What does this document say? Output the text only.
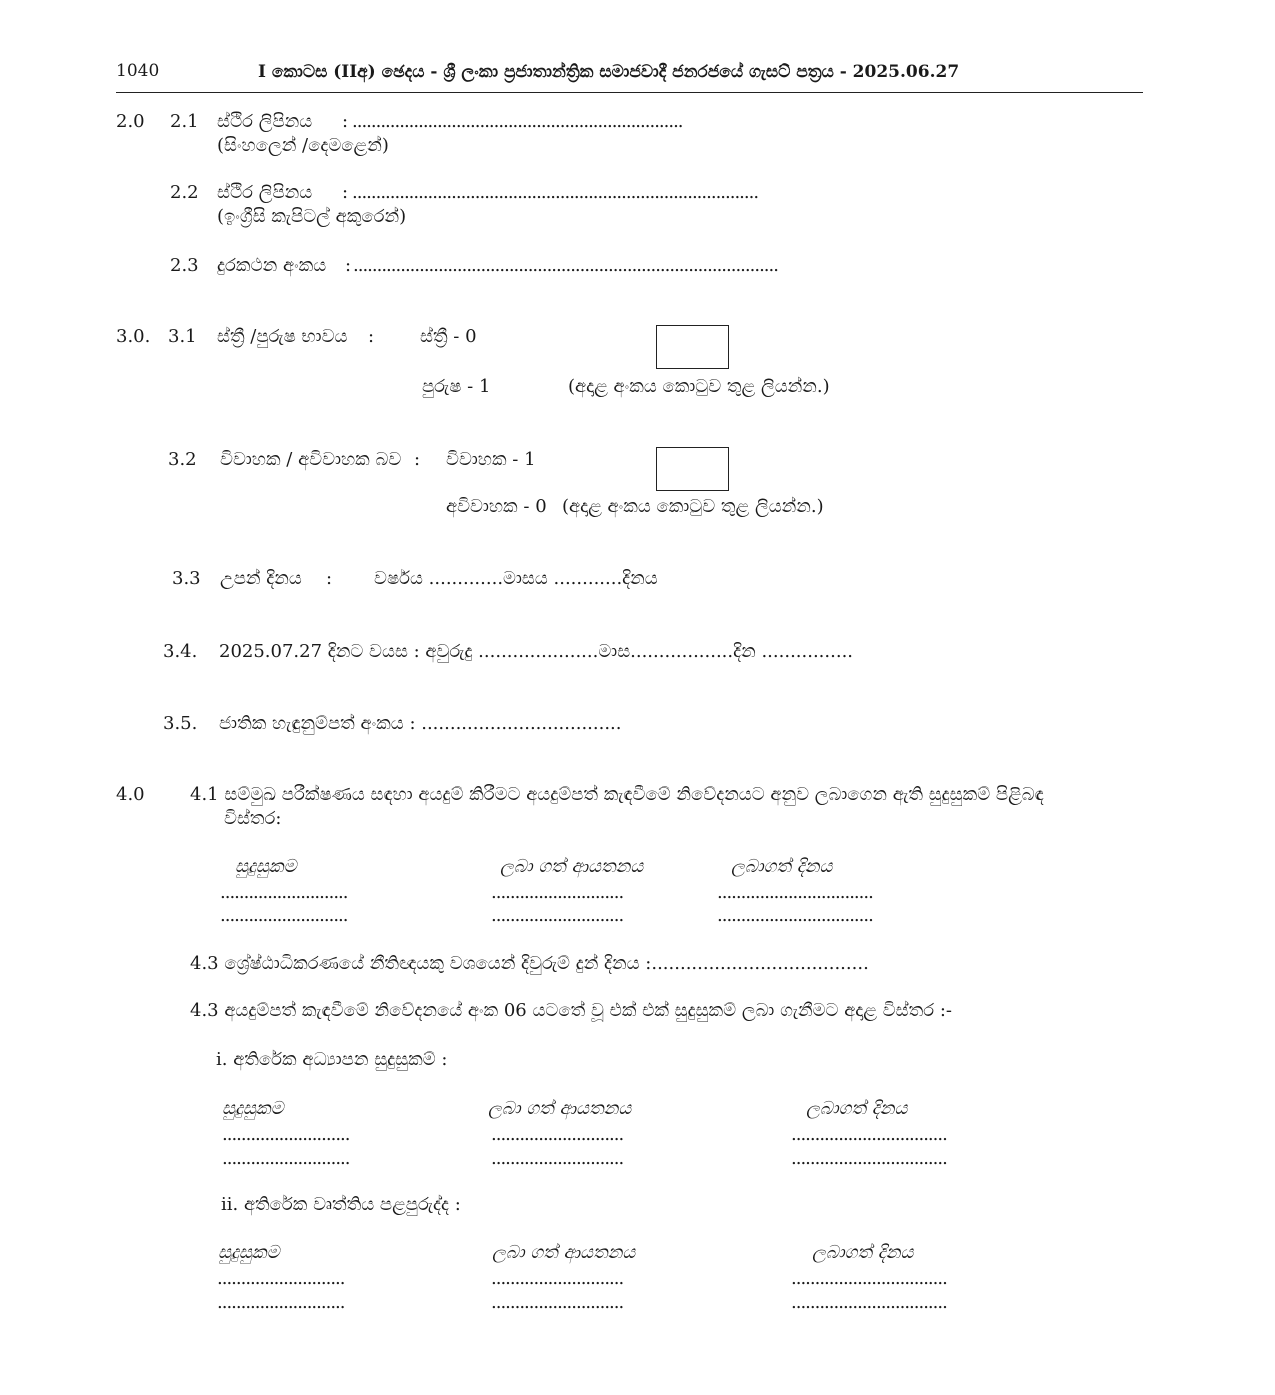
1040	I කොටස (IIඅ) ඡෙදය - ශ්‍රී ලංකා ප්‍රජාතාන්ත්‍රික සමාජවාදී ජනරජයේ ගැසට් පත්‍රය - 2025.06.27
2.0 2.1 ස්ථිර ලිපිනය : ......................................................................
(සිංහලෙන් /දෙමළෙන්)
2.2 ස්ථිර ලිපිනය : ......................................................................................
(ඉංග්‍රීසි කැපිටල් අකුරෙන්)
2.3 දුරකථන අංකය : ..........................................................................................
3.0. 3.1 ස්ත්‍රී /පුරුෂ භාවය :	ස්ත්‍රී - 0
පුරුෂ - 1	(අදාළ අංකය කොටුව තුළ ලියන්න.)
3.2 විවාහක / අවිවාහක බව : විවාහක - 1
අවිවාහක - 0 (අදාළ අංකය කොටුව තුළ ලියන්න.)
3.3 උපන් දිනය : වර්ෂය .............මාසය ............දිනය
3.4. 2025.07.27 දිනට වයස : අවුරුදු .....................මාස..................දින ................
3.5. ජාතික හැඳුනුම්පත් අංකය : ...................................
4.0	4.1 සම්මුඛ පරීක්ෂණය සඳහා අයදුම් කිරීමට අයදුම්පත් කැඳවීමේ නිවේදනයට අනුව ලබාගෙන ඇති සුදුසුකම් පිළිබඳ
විස්තර:
සුදුසුකම	ලබා ගත් ආයතනය	ලබාගත් දිනය
...........................	............................	.................................
...........................	............................	.................................
4.3 ශ්‍රේෂ්ඨාධිකරණයේ නීතිඥයකු වශයෙන් දිවුරුම් දුන් දිනය :......................................
4.3 අයදුම්පත් කැඳවීමේ නිවේදනයේ අංක 06 යටතේ වූ එක් එක් සුදුසුකම් ලබා ගැනීමට අදාළ විස්තර :-
i. අතිරේක අධ්‍යාපන සුදුසුකම් :
සුදුසුකම	ලබා ගත් ආයතනය	ලබාගත් දිනය
...........................	............................	.................................
...........................	............................	.................................
ii. අතිරේක වෘත්තිය පළපුරුද්ද :
සුදුසුකම	ලබා ගත් ආයතනය	ලබාගත් දිනය
...........................	............................	.................................
...........................	............................	.................................
